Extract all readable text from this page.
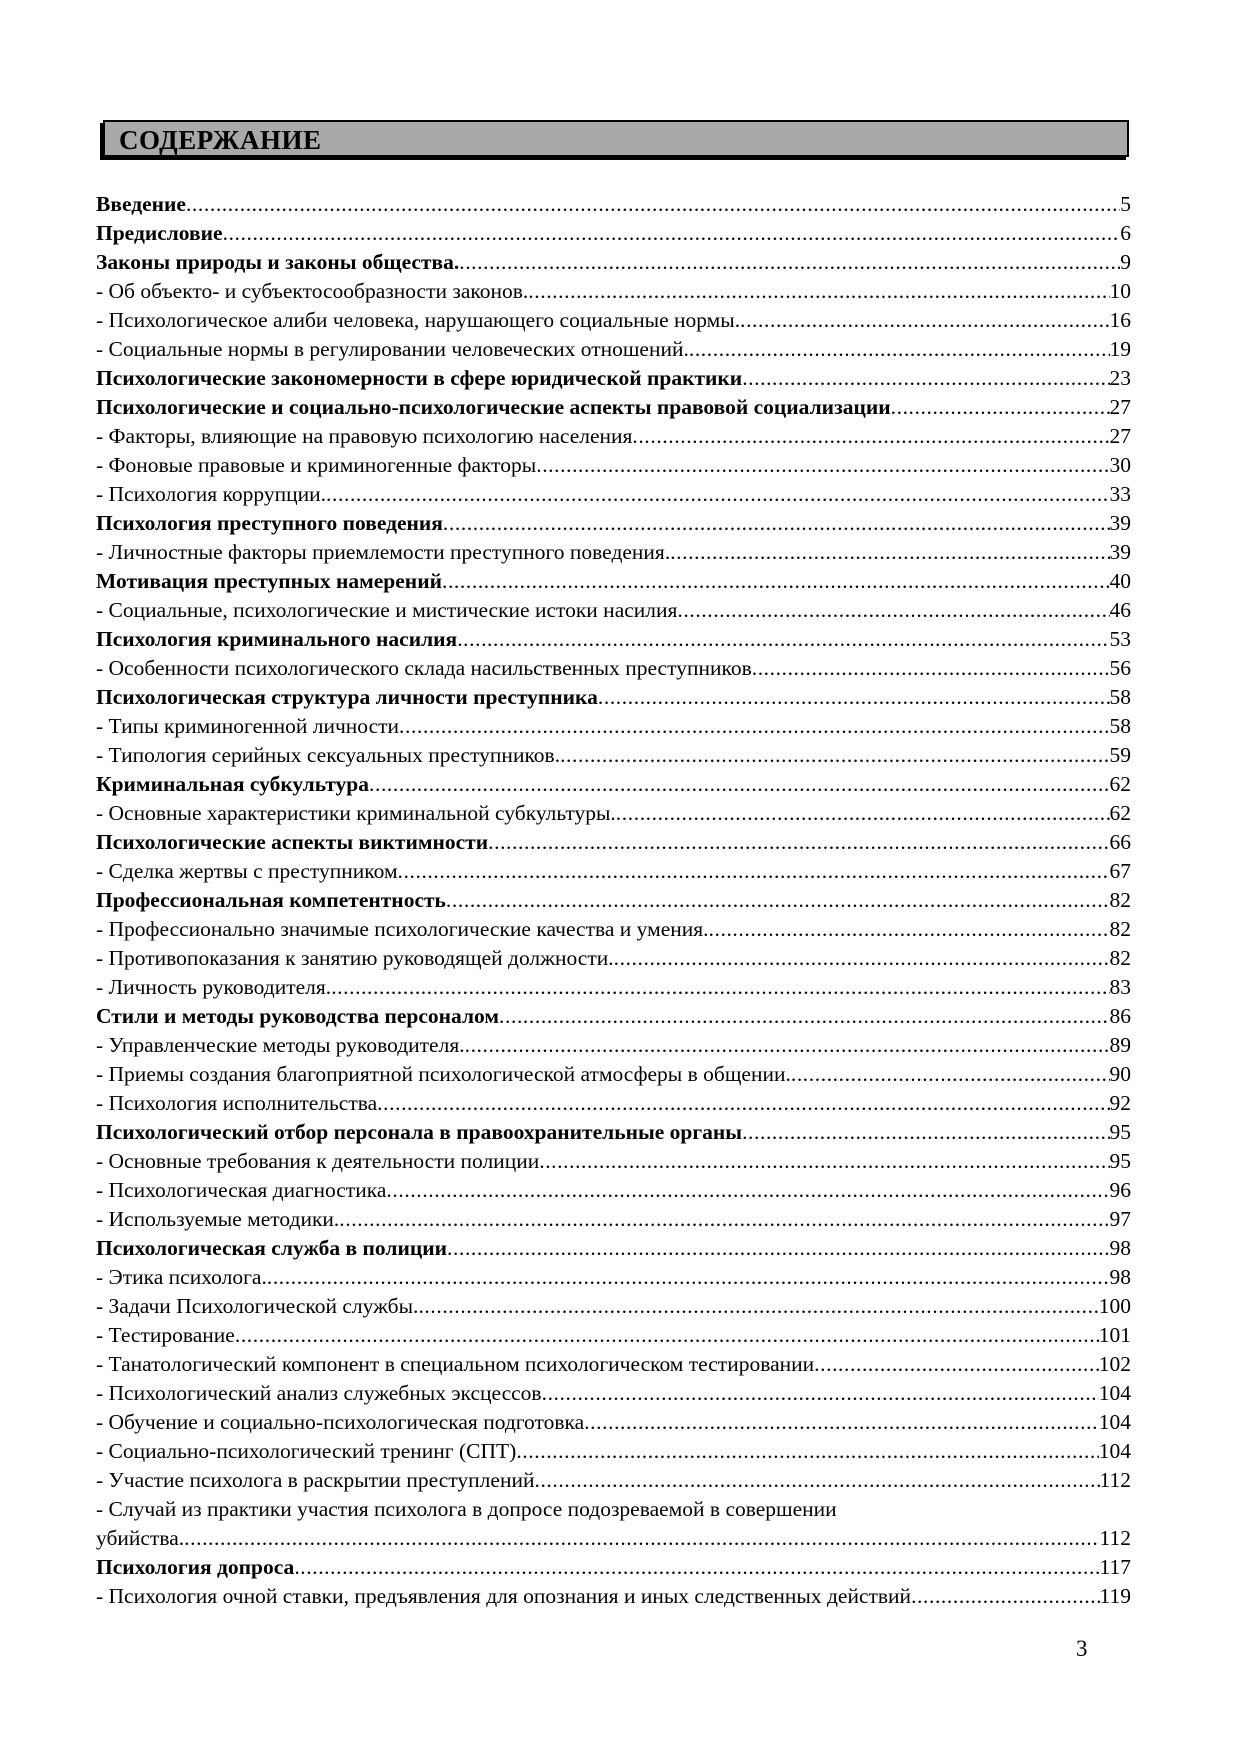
СОДЕРЖАНИЕ
Введение .....	5
Предисловие .....	6
Законы природы и законы общества. .....	9
- Об объекто- и субъектосообразности законов. .....	10
- Психологическое алиби человека, нарушающего социальные нормы. .....	16
- Социальные нормы в регулировании человеческих отношений. .....	19
Психологические закономерности в сфере юридической практики .....	23
Психологические и социально-психологические аспекты правовой социализации .....	27
- Факторы, влияющие на правовую психологию населения .....	27
- Фоновые правовые и криминогенные факторы .....	30
- Психология коррупции. .....	33
Психология преступного поведения .....	39
- Личностные факторы приемлемости преступного поведения. .....	39
Мотивация преступных намерений .....	40
- Социальные, психологические и мистические истоки насилия .....	46
Психология криминального насилия .....	53
- Особенности психологического склада насильственных преступников .....	56
Психологическая структура личности преступника .....	58
- Типы криминогенной личности .....	58
- Типология серийных сексуальных преступников. .....	59
Криминальная субкультура .....	62
- Основные характеристики криминальной субкультуры. .....	62
Психологические аспекты виктимности .....	66
- Сделка жертвы с преступником .....	67
Профессиональная компетентность .....	82
- Профессионально значимые психологические качества и умения. .....	82
- Противопоказания к занятию руководящей должности. .....	82
- Личность руководителя. .....	83
Стили и методы руководства персоналом .....	86
- Управленческие методы руководителя. .....	89
- Приемы создания благоприятной психологической атмосферы в общении. .....	90
- Психология исполнительства .....	92
Психологический отбор персонала в правоохранительные органы .....	95
- Основные требования к деятельности полиции .....	95
- Психологическая диагностика .....	96
- Используемые методики. .....	97
Психологическая служба в полиции .....	98
- Этика психолога. .....	98
- Задачи Психологической службы. .....	100
- Тестирование .....	101
- Танатологический компонент в специальном психологическом тестировании .....	102
- Психологический анализ служебных эксцессов .....	104
- Обучение и социально-психологическая подготовка .....	104
- Социально-психологический тренинг (СПТ) .....	104
- Участие психолога в раскрытии преступлений .....	112
- Случай из практики участия психолога в допросе подозреваемой в совершении
убийства. .....	112
Психология допроса .....	117
- Психология очной ставки, предъявления для опознания и иных следственных действий .....	119
3
